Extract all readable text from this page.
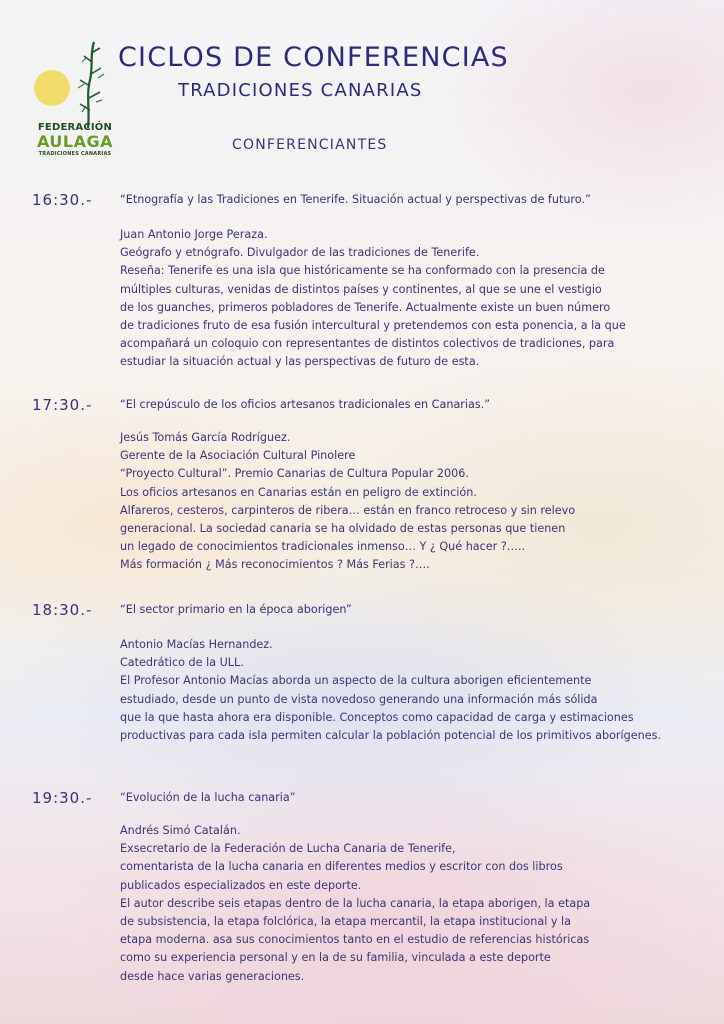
FEDERACIÓN
AULAGA
TRADICIONES CANARIAS
CICLOS DE CONFERENCIAS
TRADICIONES CANARIAS
CONFERENCIANTES
16:30.- “Etnografía y las Tradiciones en Tenerife. Situación actual y perspectivas de futuro.”
Juan Antonio Jorge Peraza.
Geógrafo y etnógrafo. Divulgador de las tradiciones de Tenerife.
Reseña: Tenerife es una isla que históricamente se ha conformado con la presencia de
múltiples culturas, venidas de distintos países y continentes, al que se une el vestigio
de los guanches, primeros pobladores de Tenerife. Actualmente existe un buen número
de tradiciones fruto de esa fusión intercultural y pretendemos con esta ponencia, a la que
acompañará un coloquio con representantes de distintos colectivos de tradiciones, para
estudiar la situación actual y las perspectivas de futuro de esta.
17:30.- “El crepúsculo de los oficios artesanos tradicionales en Canarias.”
Jesús Tomás García Rodríguez.
Gerente de la Asociación Cultural Pinolere
“Proyecto Cultural”. Premio Canarias de Cultura Popular 2006.
Los oficios artesanos en Canarias están en peligro de extinción.
Alfareros, cesteros, carpinteros de ribera… están en franco retroceso y sin relevo
generacional. La sociedad canaria se ha olvidado de estas personas que tienen
un legado de conocimientos tradicionales inmenso… Y ¿ Qué hacer ?…..
Más formación ¿ Más reconocimientos ? Más Ferias ?….
18:30.- “El sector primario en la época aborigen”
Antonio Macías Hernandez.
Catedrático de la ULL.
El Profesor Antonio Macías aborda un aspecto de la cultura aborigen eficientemente
estudiado, desde un punto de vista novedoso generando una información más sólida
que la que hasta ahora era disponible. Conceptos como capacidad de carga y estimaciones
productivas para cada isla permiten calcular la población potencial de los primitivos aborígenes.
19:30.- “Evolución de la lucha canaria”
Andrés Simó Catalán.
Exsecretario de la Federación de Lucha Canaria de Tenerife,
comentarista de la lucha canaria en diferentes medios y escritor con dos libros
publicados especializados en este deporte.
El autor describe seis etapas dentro de la lucha canaria, la etapa aborigen, la etapa
de subsistencia, la etapa folclórica, la etapa mercantil, la etapa institucional y la
etapa moderna. asa sus conocimientos tanto en el estudio de referencias históricas
como su experiencia personal y en la de su familia, vinculada a este deporte
desde hace varias generaciones.
